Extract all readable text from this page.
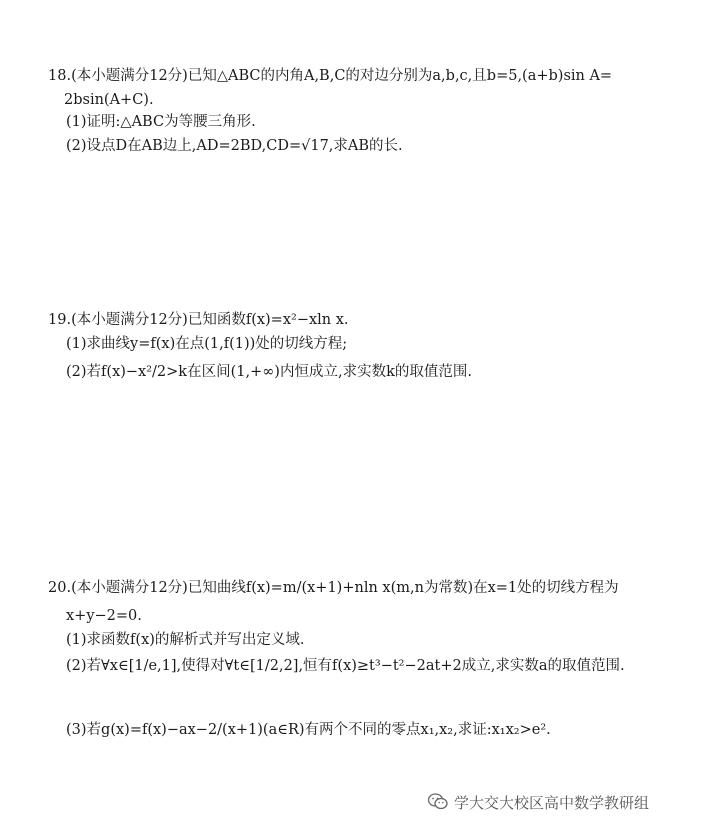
18.(本小题满分12分)已知△ABC的内角A,B,C的对边分别为a,b,c,且b=5,(a+b)sin A=
2bsin(A+C).
(1)证明:△ABC为等腰三角形.
(2)设点D在AB边上,AD=2BD,CD=√17,求AB的长.
19.(本小题满分12分)已知函数f(x)=x²−xln x.
(1)求曲线y=f(x)在点(1,f(1))处的切线方程;
(2)若f(x)−x²/2>k在区间(1,+∞)内恒成立,求实数k的取值范围.
20.(本小题满分12分)已知曲线f(x)=m/(x+1)+nln x(m,n为常数)在x=1处的切线方程为
x+y−2=0.
(1)求函数f(x)的解析式并写出定义域.
(2)若∀x∈[1/e,1],使得对∀t∈[1/2,2],恒有f(x)≥t³−t²−2at+2成立,求实数a的取值范围.
(3)若g(x)=f(x)−ax−2/(x+1)(a∈R)有两个不同的零点x₁,x₂,求证:x₁x₂>e².
学大交大校区高中数学教研组
